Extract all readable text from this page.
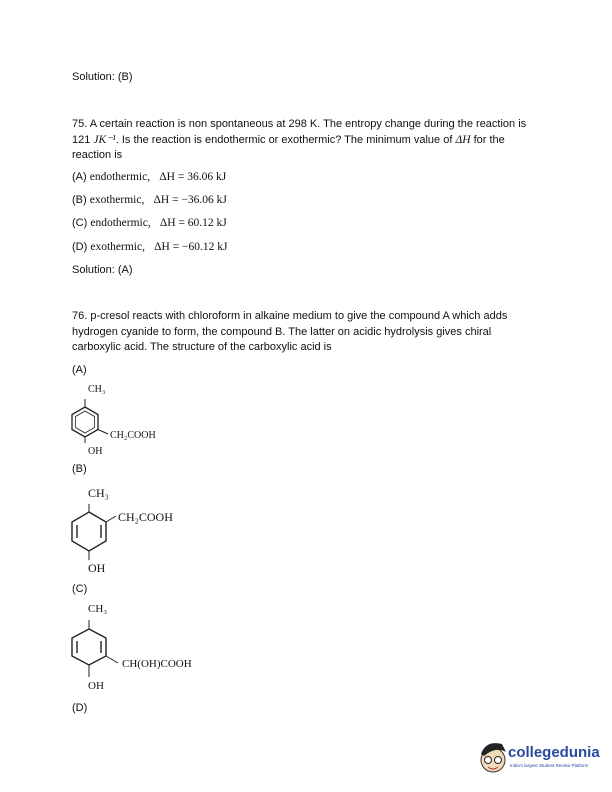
Solution: (B)
75. A certain reaction is non spontaneous at 298 K. The entropy change during the reaction is 121 JK⁻¹. Is the reaction is endothermic or exothermic? The minimum value of ΔH for the reaction is
(A) endothermic, ΔH = 36.06 kJ
(B) exothermic, ΔH = −36.06 kJ
(C) endothermic, ΔH = 60.12 kJ
(D) exothermic, ΔH = −60.12 kJ
Solution: (A)
76. p-cresol reacts with chloroform in alkaine medium to give the compound A which adds hydrogen cyanide to form, the compound B. The latter on acidic hydrolysis gives chiral carboxylic acid. The structure of the carboxylic acid is
(A)
CH₃
CH₂COOH
OH
(B)
CH₃
CH₂COOH
OH
(C)
CH₃
CH(OH)COOH
OH
(D)
collegedunia
India's largest Student Review Platform
